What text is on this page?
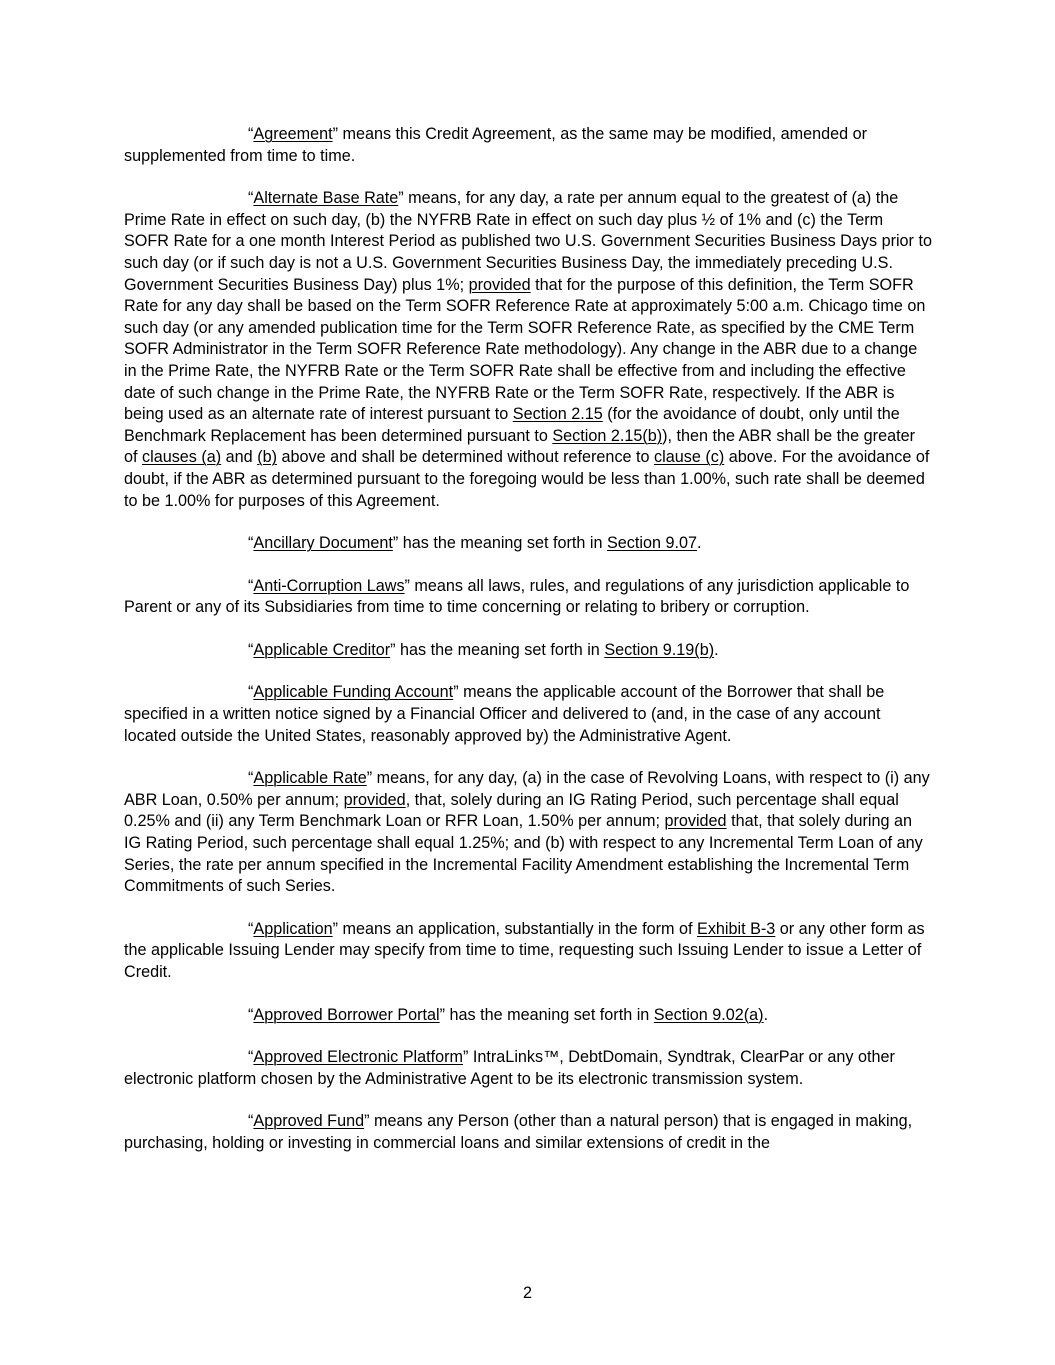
“Agreement” means this Credit Agreement, as the same may be modified, amended or supplemented from time to time.

“Alternate Base Rate” means, for any day, a rate per annum equal to the greatest of (a) the Prime Rate in effect on such day, (b) the NYFRB Rate in effect on such day plus ½ of 1% and (c) the Term SOFR Rate for a one month Interest Period as published two U.S. Government Securities Business Days prior to such day (or if such day is not a U.S. Government Securities Business Day, the immediately preceding U.S. Government Securities Business Day) plus 1%; provided that for the purpose of this definition, the Term SOFR Rate for any day shall be based on the Term SOFR Reference Rate at approximately 5:00 a.m. Chicago time on such day (or any amended publication time for the Term SOFR Reference Rate, as specified by the CME Term SOFR Administrator in the Term SOFR Reference Rate methodology). Any change in the ABR due to a change in the Prime Rate, the NYFRB Rate or the Term SOFR Rate shall be effective from and including the effective date of such change in the Prime Rate, the NYFRB Rate or the Term SOFR Rate, respectively. If the ABR is being used as an alternate rate of interest pursuant to Section 2.15 (for the avoidance of doubt, only until the Benchmark Replacement has been determined pursuant to Section 2.15(b)), then the ABR shall be the greater of clauses (a) and (b) above and shall be determined without reference to clause (c) above. For the avoidance of doubt, if the ABR as determined pursuant to the foregoing would be less than 1.00%, such rate shall be deemed to be 1.00% for purposes of this Agreement.

“Ancillary Document” has the meaning set forth in Section 9.07.

“Anti-Corruption Laws” means all laws, rules, and regulations of any jurisdiction applicable to Parent or any of its Subsidiaries from time to time concerning or relating to bribery or corruption.

“Applicable Creditor” has the meaning set forth in Section 9.19(b).

“Applicable Funding Account” means the applicable account of the Borrower that shall be specified in a written notice signed by a Financial Officer and delivered to (and, in the case of any account located outside the United States, reasonably approved by) the Administrative Agent.

“Applicable Rate” means, for any day, (a) in the case of Revolving Loans, with respect to (i) any ABR Loan, 0.50% per annum; provided, that, solely during an IG Rating Period, such percentage shall equal 0.25% and (ii) any Term Benchmark Loan or RFR Loan, 1.50% per annum; provided that, that solely during an IG Rating Period, such percentage shall equal 1.25%; and (b) with respect to any Incremental Term Loan of any Series, the rate per annum specified in the Incremental Facility Amendment establishing the Incremental Term Commitments of such Series.

“Application” means an application, substantially in the form of Exhibit B-3 or any other form as the applicable Issuing Lender may specify from time to time, requesting such Issuing Lender to issue a Letter of Credit.

“Approved Borrower Portal” has the meaning set forth in Section 9.02(a).

“Approved Electronic Platform” IntraLinks™, DebtDomain, Syndtrak, ClearPar or any other electronic platform chosen by the Administrative Agent to be its electronic transmission system.

“Approved Fund” means any Person (other than a natural person) that is engaged in making, purchasing, holding or investing in commercial loans and similar extensions of credit in the

2
